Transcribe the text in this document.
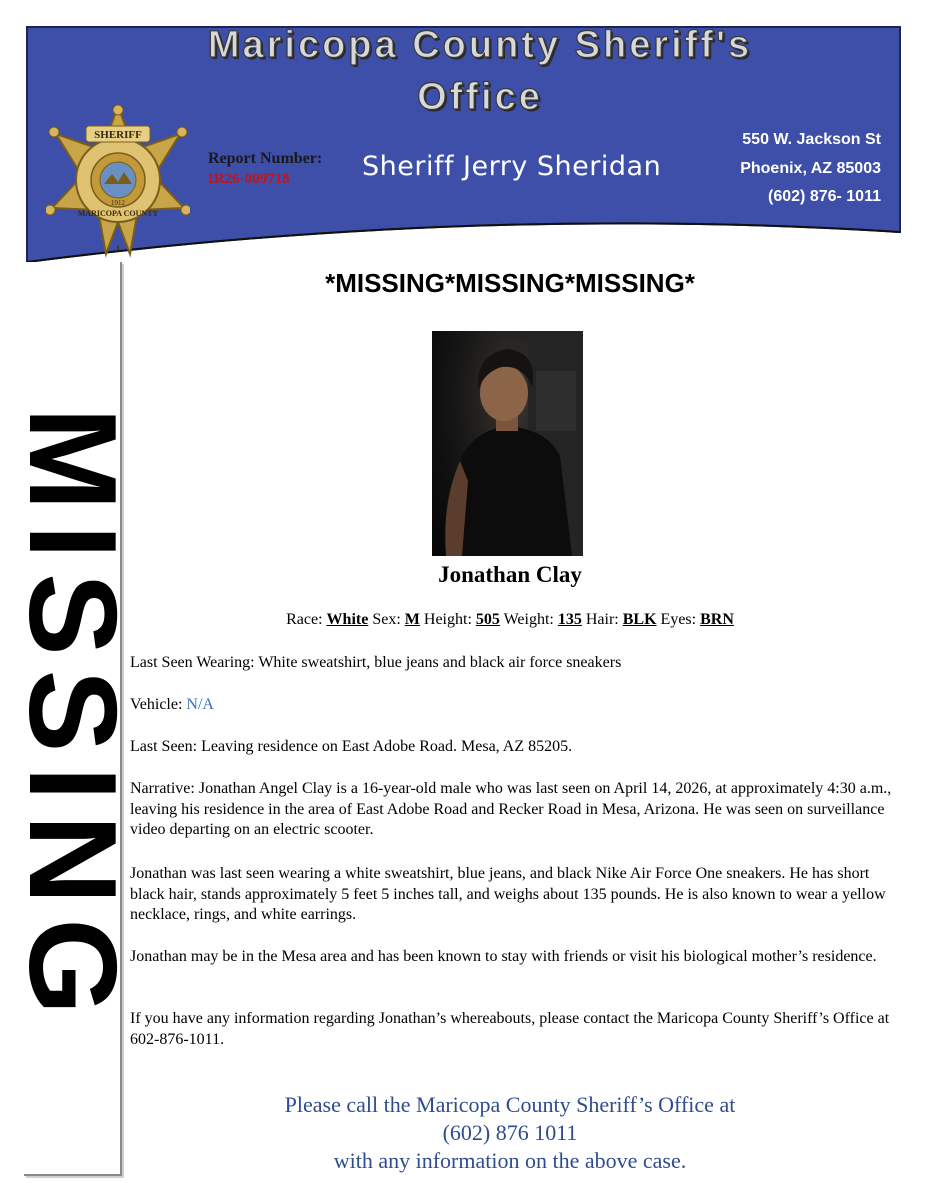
Maricopa County Sheriff's
Office
SHERIFF
MARICOPA COUNTY
1912
1
Report Number:
IR26-009718	Sheriff Jerry Sheridan
550 W. Jackson St
Phoenix, AZ 85003
(602) 876- 1011
MISSING
*MISSING*MISSING*MISSING*
Jonathan Clay
Race: White Sex: M Height: 505 Weight: 135 Hair: BLK Eyes: BRN
Last Seen Wearing: White sweatshirt, blue jeans and black air force sneakers
Vehicle: N/A
Last Seen: Leaving residence on East Adobe Road. Mesa, AZ 85205.
Narrative: Jonathan Angel Clay is a 16-year-old male who was last seen on April 14, 2026, at approximately 4:30 a.m., leaving his residence in the area of East Adobe Road and Recker Road in Mesa, Arizona. He was seen on surveillance video departing on an electric scooter.
Jonathan was last seen wearing a white sweatshirt, blue jeans, and black Nike Air Force One sneakers. He has short black hair, stands approximately 5 feet 5 inches tall, and weighs about 135 pounds. He is also known to wear a yellow necklace, rings, and white earrings.
Jonathan may be in the Mesa area and has been known to stay with friends or visit his biological mother’s residence.
If you have any information regarding Jonathan’s whereabouts, please contact the Maricopa County Sheriff’s Office at 602-876-1011.
Please call the Maricopa County Sheriff’s Office at
(602) 876 1011
with any information on the above case.
